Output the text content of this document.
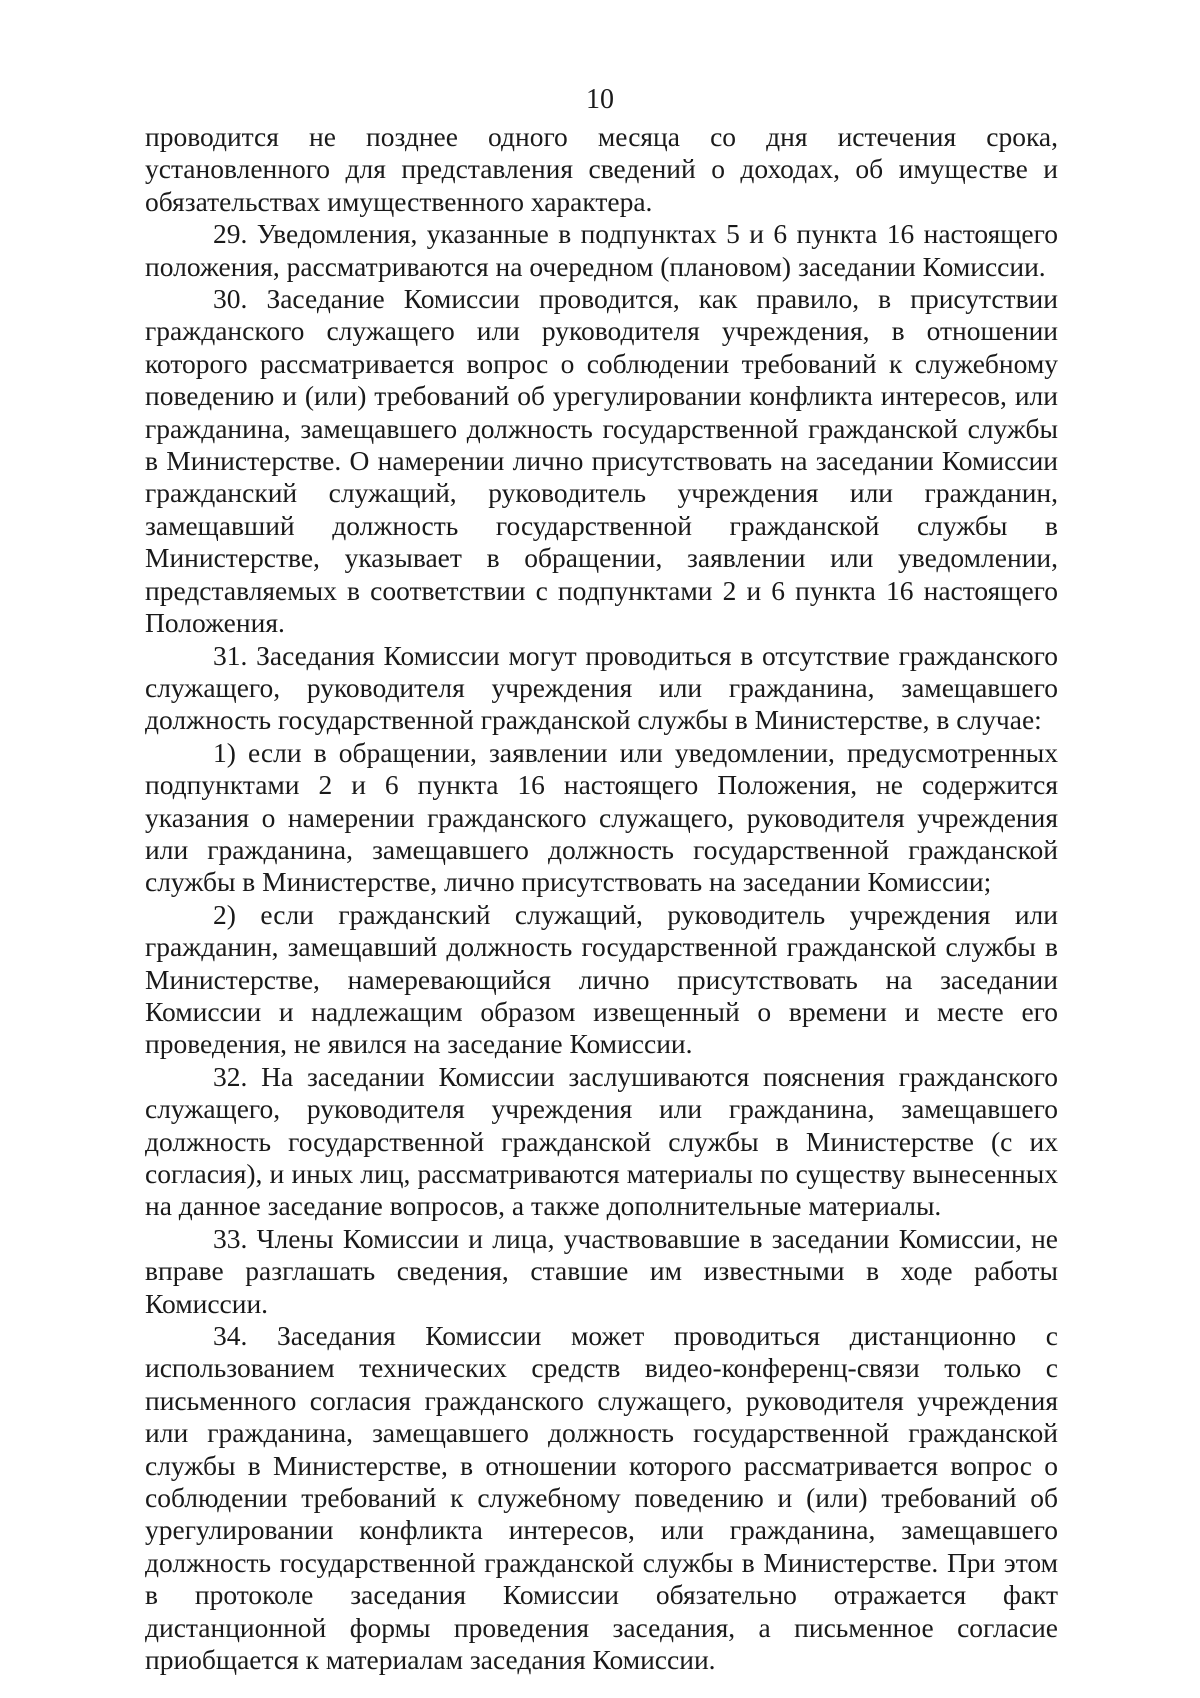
10

проводится не позднее одного месяца со дня истечения срока, установленного для представления сведений о доходах, об имуществе и обязательствах имущественного характера.

29. Уведомления, указанные в подпунктах 5 и 6 пункта 16 настоящего положения, рассматриваются на очередном (плановом) заседании Комиссии.

30. Заседание Комиссии проводится, как правило, в присутствии гражданского служащего или руководителя учреждения, в отношении которого рассматривается вопрос о соблюдении требований к служебному поведению и (или) требований об урегулировании конфликта интересов, или гражданина, замещавшего должность государственной гражданской службы в Министерстве. О намерении лично присутствовать на заседании Комиссии гражданский служащий, руководитель учреждения или гражданин, замещавший должность государственной гражданской службы в Министерстве, указывает в обращении, заявлении или уведомлении, представляемых в соответствии с подпунктами 2 и 6 пункта 16 настоящего Положения.

31. Заседания Комиссии могут проводиться в отсутствие гражданского служащего, руководителя учреждения или гражданина, замещавшего должность государственной гражданской службы в Министерстве, в случае:

1) если в обращении, заявлении или уведомлении, предусмотренных подпунктами 2 и 6 пункта 16 настоящего Положения, не содержится указания о намерении гражданского служащего, руководителя учреждения или гражданина, замещавшего должность государственной гражданской службы в Министерстве, лично присутствовать на заседании Комиссии;

2) если гражданский служащий, руководитель учреждения или гражданин, замещавший должность государственной гражданской службы в Министерстве, намеревающийся лично присутствовать на заседании Комиссии и надлежащим образом извещенный о времени и месте его проведения, не явился на заседание Комиссии.

32. На заседании Комиссии заслушиваются пояснения гражданского служащего, руководителя учреждения или гражданина, замещавшего должность государственной гражданской службы в Министерстве (с их согласия), и иных лиц, рассматриваются материалы по существу вынесенных на данное заседание вопросов, а также дополнительные материалы.

33. Члены Комиссии и лица, участвовавшие в заседании Комиссии, не вправе разглашать сведения, ставшие им известными в ходе работы Комиссии.

34. Заседания Комиссии может проводиться дистанционно с использованием технических средств видео-конференц-связи только с письменного согласия гражданского служащего, руководителя учреждения или гражданина, замещавшего должность государственной гражданской службы в Министерстве, в отношении которого рассматривается вопрос о соблюдении требований к служебному поведению и (или) требований об урегулировании конфликта интересов, или гражданина, замещавшего должность государственной гражданской службы в Министерстве. При этом в протоколе заседания Комиссии обязательно отражается факт дистанционной формы проведения заседания, а письменное согласие приобщается к материалам заседания Комиссии.
